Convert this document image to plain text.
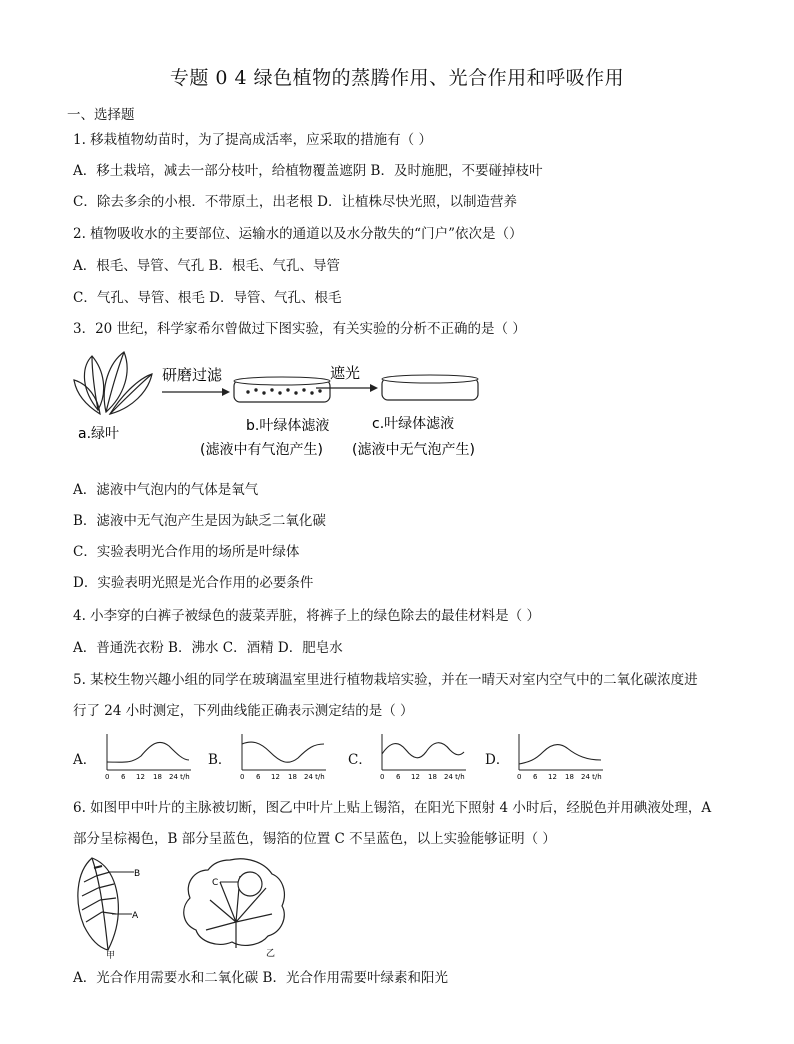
专题 0 4 绿色植物的蒸腾作用、光合作用和呼吸作用
一、选择题
1. 移栽植物幼苗时，为了提高成活率，应采取的措施有（ ）
A．移土栽培，减去一部分枝叶，给植物覆盖遮阴 B．及时施肥，不要碰掉枝叶
C．除去多余的小根．不带原土，出老根 D．让植株尽快光照，以制造营养
2. 植物吸收水的主要部位、运输水的通道以及水分散失的“门户”依次是（）
A．根毛、导管、气孔 B．根毛、气孔、导管
C．气孔、导管、根毛 D．导管、气孔、根毛
3．20 世纪，科学家希尔曾做过下图实验，有关实验的分析不正确的是（ ）
a.绿叶
研磨过滤
b.叶绿体滤液
(滤液中有气泡产生)
遮光
c.叶绿体滤液
(滤液中无气泡产生)
A．滤液中气泡内的气体是氧气
B．滤液中无气泡产生是因为缺乏二氧化碳
C．实验表明光合作用的场所是叶绿体
D．实验表明光照是光合作用的必要条件
4. 小李穿的白裤子被绿色的菠菜弄脏，将裤子上的绿色除去的最佳材料是（ ）
A．普通洗衣粉 B．沸水 C．酒精 D．肥皂水
5. 某校生物兴趣小组的同学在玻璃温室里进行植物栽培实验，并在一晴天对室内空气中的二氧化碳浓度进
行了 24 小时测定，下列曲线能正确表示测定结的是（ ）
A．
0 6 12 18 24 t/h
B．
0 6 12 18 24 t/h
C．
0 6 12 18 24 t/h
D．
0 6 12 18 24 t/h
6. 如图甲中叶片的主脉被切断，图乙中叶片上贴上锡箔，在阳光下照射 4 小时后，经脱色并用碘液处理，A
部分呈棕褐色，B 部分呈蓝色，锡箔的位置 C 不呈蓝色，以上实验能够证明（ ）
B
A
甲
C
乙
A．光合作用需要水和二氧化碳 B．光合作用需要叶绿素和阳光
